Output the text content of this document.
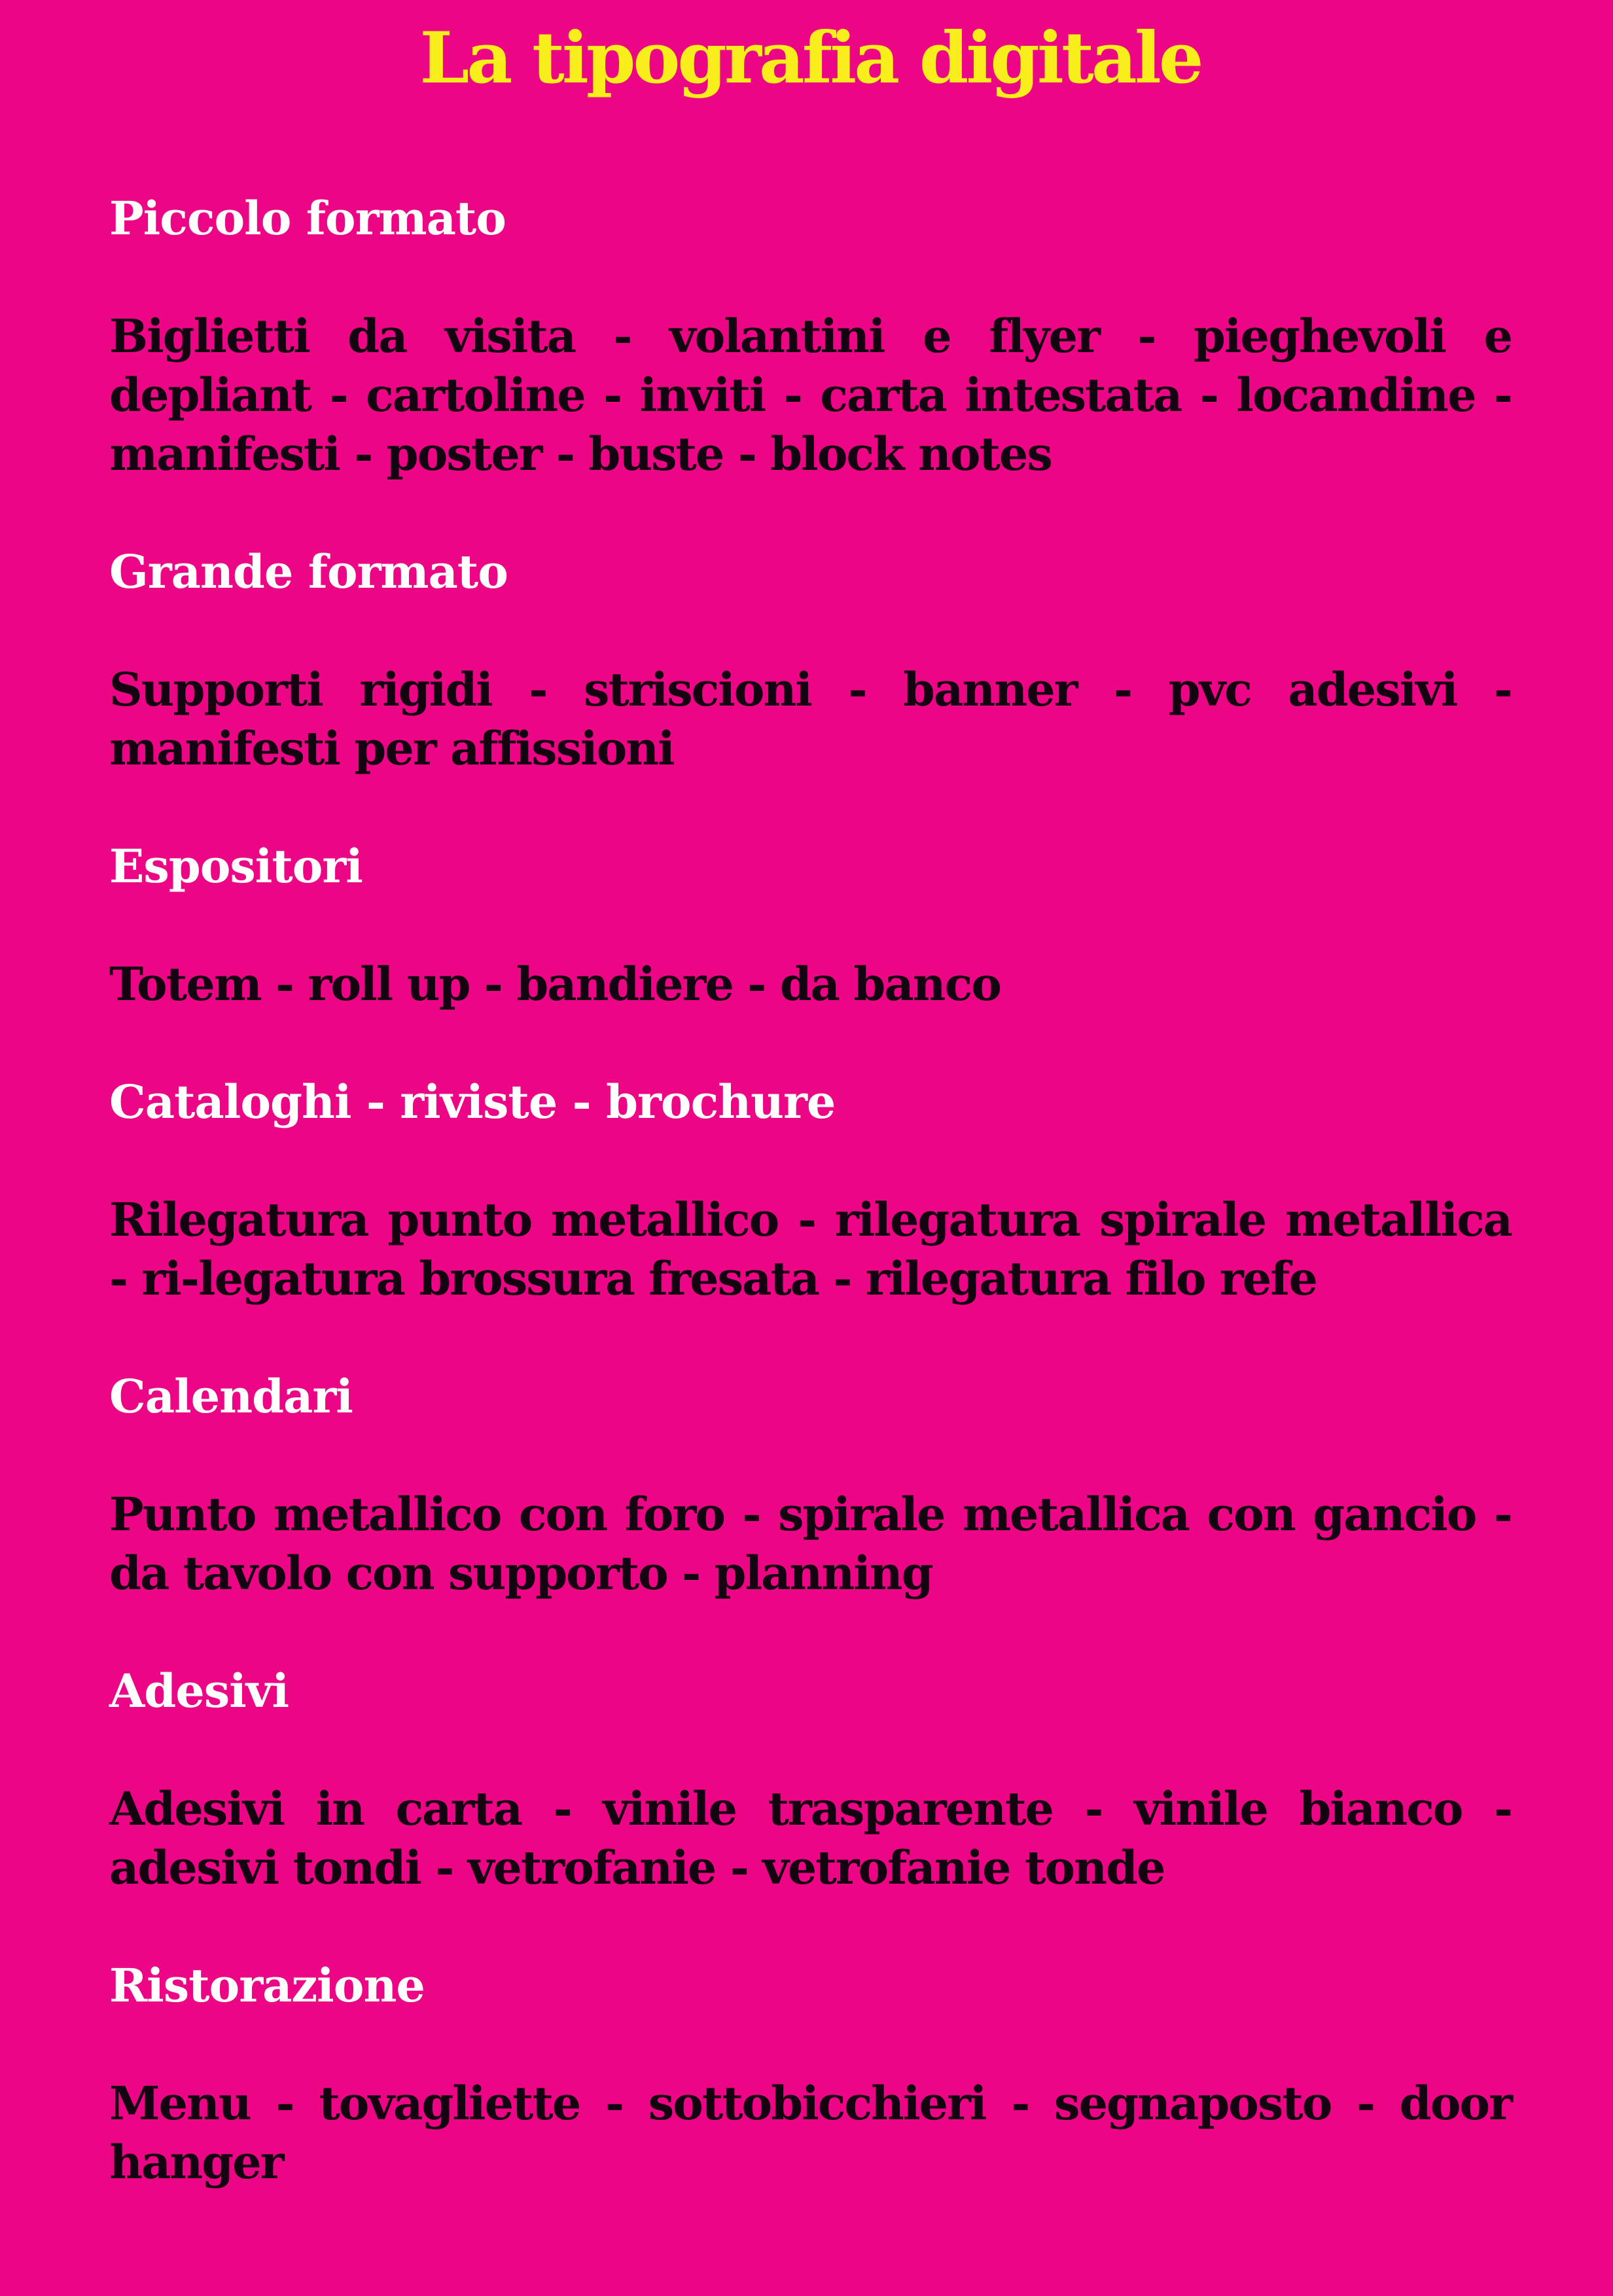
La tipografia digitale
Piccolo formato

Biglietti da visita - volantini e flyer - pieghevoli e depliant - cartoline - inviti - carta intestata - locandine - manifesti - poster - buste - block notes

Grande formato

Supporti rigidi - striscioni - banner - pvc adesivi - manifesti per affissioni

Espositori

Totem - roll up - bandiere - da banco

Cataloghi - riviste - brochure

Rilegatura punto metallico - rilegatura spirale metallica - ri-legatura brossura fresata - rilegatura filo refe

Calendari

Punto metallico con foro - spirale metallica con gancio - da tavolo con supporto - planning

Adesivi

Adesivi in carta - vinile trasparente - vinile bianco - adesivi tondi - vetrofanie - vetrofanie tonde

Ristorazione

Menu - tovagliette - sottobicchieri - segnaposto - door hanger
